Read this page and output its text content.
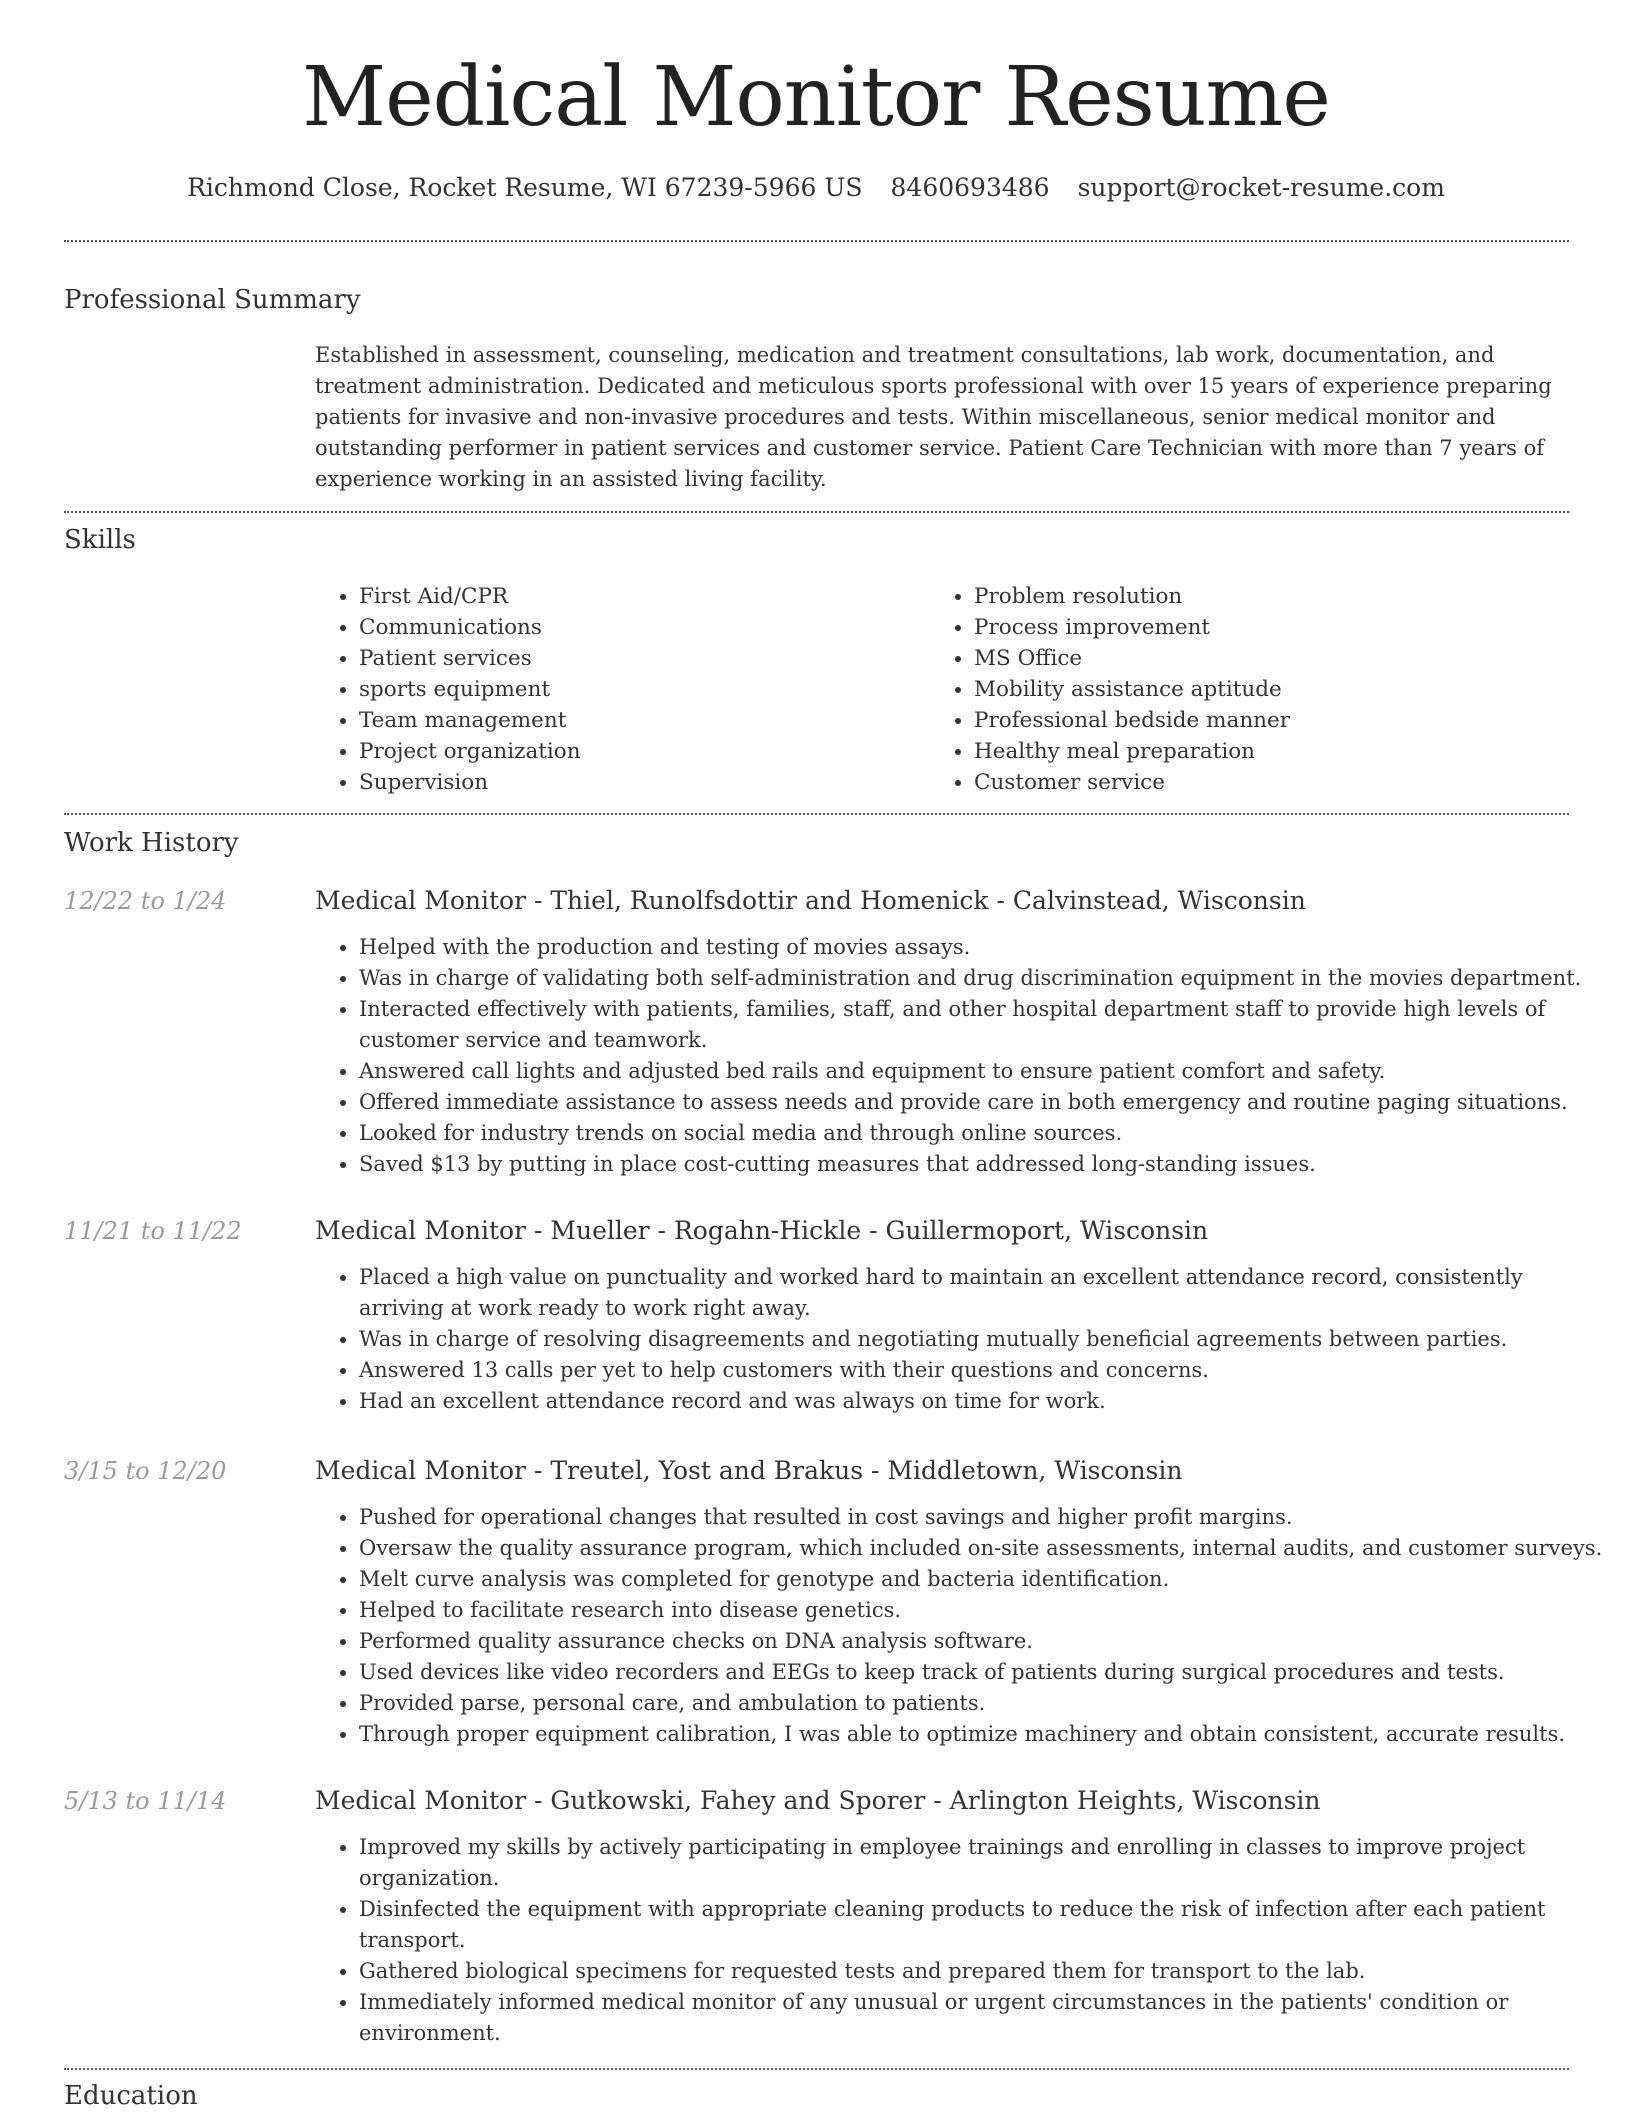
Medical Monitor Resume
Richmond Close, Rocket Resume, WI 67239-5966 US 8460693486 support@rocket-resume.com
Professional Summary

Established in assessment, counseling, medication and treatment consultations, lab work, documentation, and treatment administration. Dedicated and meticulous sports professional with over 15 years of experience preparing patients for invasive and non-invasive procedures and tests. Within miscellaneous, senior medical monitor and outstanding performer in patient services and customer service. Patient Care Technician with more than 7 years of experience working in an assisted living facility.

Skills
• First Aid/CPR
• Communications
• Patient services
• sports equipment
• Team management
• Project organization
• Supervision
• Problem resolution
• Process improvement
• MS Office
• Mobility assistance aptitude
• Professional bedside manner
• Healthy meal preparation
• Customer service
Work History
12/22 to 1/24	Medical Monitor - Thiel, Runolfsdottir and Homenick - Calvinstead, Wisconsin
• Helped with the production and testing of movies assays.
• Was in charge of validating both self-administration and drug discrimination equipment in the movies department.
• Interacted effectively with patients, families, staff, and other hospital department staff to provide high levels of customer service and teamwork.
• Answered call lights and adjusted bed rails and equipment to ensure patient comfort and safety.
• Offered immediate assistance to assess needs and provide care in both emergency and routine paging situations.
• Looked for industry trends on social media and through online sources.
• Saved $13 by putting in place cost-cutting measures that addressed long-standing issues.
11/21 to 11/22	Medical Monitor - Mueller - Rogahn-Hickle - Guillermoport, Wisconsin
• Placed a high value on punctuality and worked hard to maintain an excellent attendance record, consistently arriving at work ready to work right away.
• Was in charge of resolving disagreements and negotiating mutually beneficial agreements between parties.
• Answered 13 calls per yet to help customers with their questions and concerns.
• Had an excellent attendance record and was always on time for work.
3/15 to 12/20	Medical Monitor - Treutel, Yost and Brakus - Middletown, Wisconsin
• Pushed for operational changes that resulted in cost savings and higher profit margins.
• Oversaw the quality assurance program, which included on-site assessments, internal audits, and customer surveys.
• Melt curve analysis was completed for genotype and bacteria identification.
• Helped to facilitate research into disease genetics.
• Performed quality assurance checks on DNA analysis software.
• Used devices like video recorders and EEGs to keep track of patients during surgical procedures and tests.
• Provided parse, personal care, and ambulation to patients.
• Through proper equipment calibration, I was able to optimize machinery and obtain consistent, accurate results.
5/13 to 11/14	Medical Monitor - Gutkowski, Fahey and Sporer - Arlington Heights, Wisconsin
• Improved my skills by actively participating in employee trainings and enrolling in classes to improve project organization.
• Disinfected the equipment with appropriate cleaning products to reduce the risk of infection after each patient transport.
• Gathered biological specimens for requested tests and prepared them for transport to the lab.
• Immediately informed medical monitor of any unusual or urgent circumstances in the patients' condition or environment.
Education
